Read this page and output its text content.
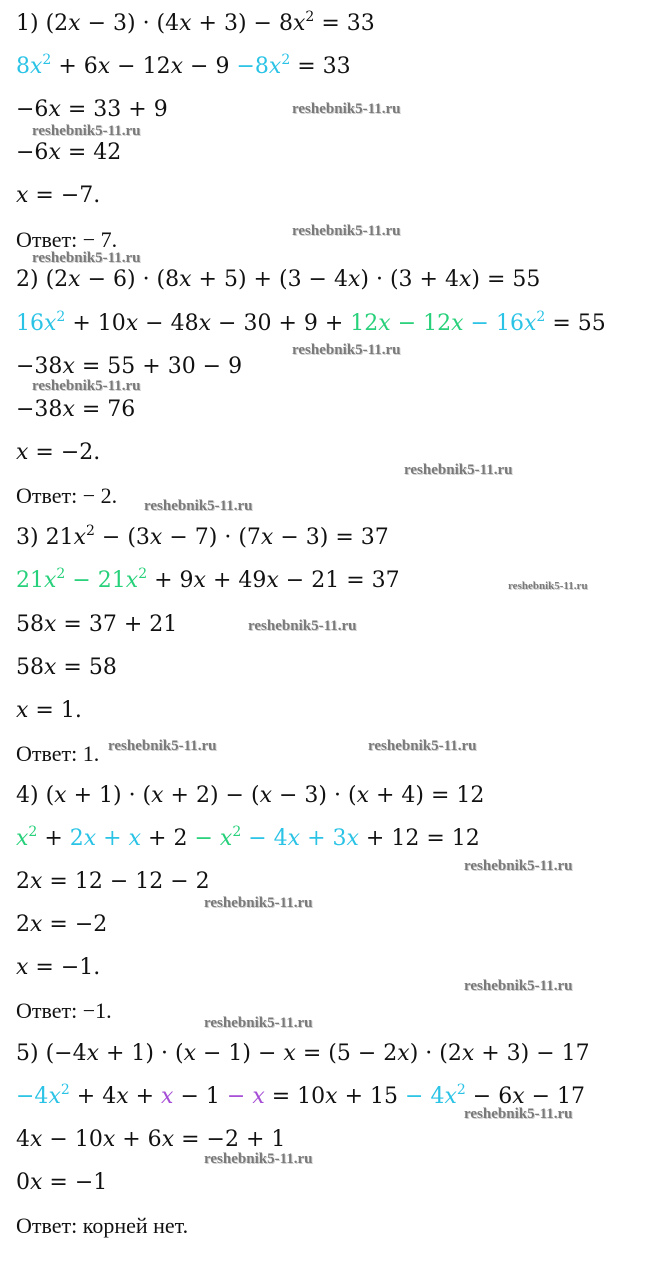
1) $(2x - 3) \cdot (4x + 3) - 8x^2 = 33$
$8x^2 + 6x - 12x - 9 -8x^2 = 33$
−6x = 33 + 9
−6x = 42
x = −7.
Ответ: − 7.
2) (2x − 6) · (8x + 5) + (3 − 4x) · (3 + 4x) = 55
$16x^2 + 10x - 48x - 30 + 9 + 12x - 12x - 16x^2 = 55$
−38x = 55 + 30 − 9
−38x = 76
x = −2.
Ответ: − 2.
3) $21x^2 - (3x - 7) \cdot (7x - 3) = 37$
$21x^2 - 21x^2 + 9x + 49x - 21 = 37$
58x = 37 + 21
58x = 58
x = 1.
Ответ: 1.
4) (x + 1) · (x + 2) − (x − 3) · (x + 4) = 12
$x^2 + 2x + x + 2 - x^2 - 4x + 3x + 12 = 12$
2x = 12 − 12 − 2
2x = −2
x = −1.
Ответ: −1.
5) (−4x + 1) · (x − 1) − x = (5 − 2x) · (2x + 3) − 17
$-4x^2 + 4x + x - 1 - x = 10x + 15 - 4x^2 - 6x - 17$
4x − 10x + 6x = −2 + 1
0x = −1
Ответ: корней нет.
reshebnik5-11.ru
reshebnik5-11.ru
reshebnik5-11.ru
reshebnik5-11.ru
reshebnik5-11.ru
reshebnik5-11.ru
reshebnik5-11.ru
reshebnik5-11.ru
reshebnik5-11.ru
reshebnik5-11.ru
reshebnik5-11.ru	reshebnik5-11.ru
reshebnik5-11.ru
reshebnik5-11.ru
reshebnik5-11.ru
reshebnik5-11.ru
reshebnik5-11.ru
reshebnik5-11.ru
